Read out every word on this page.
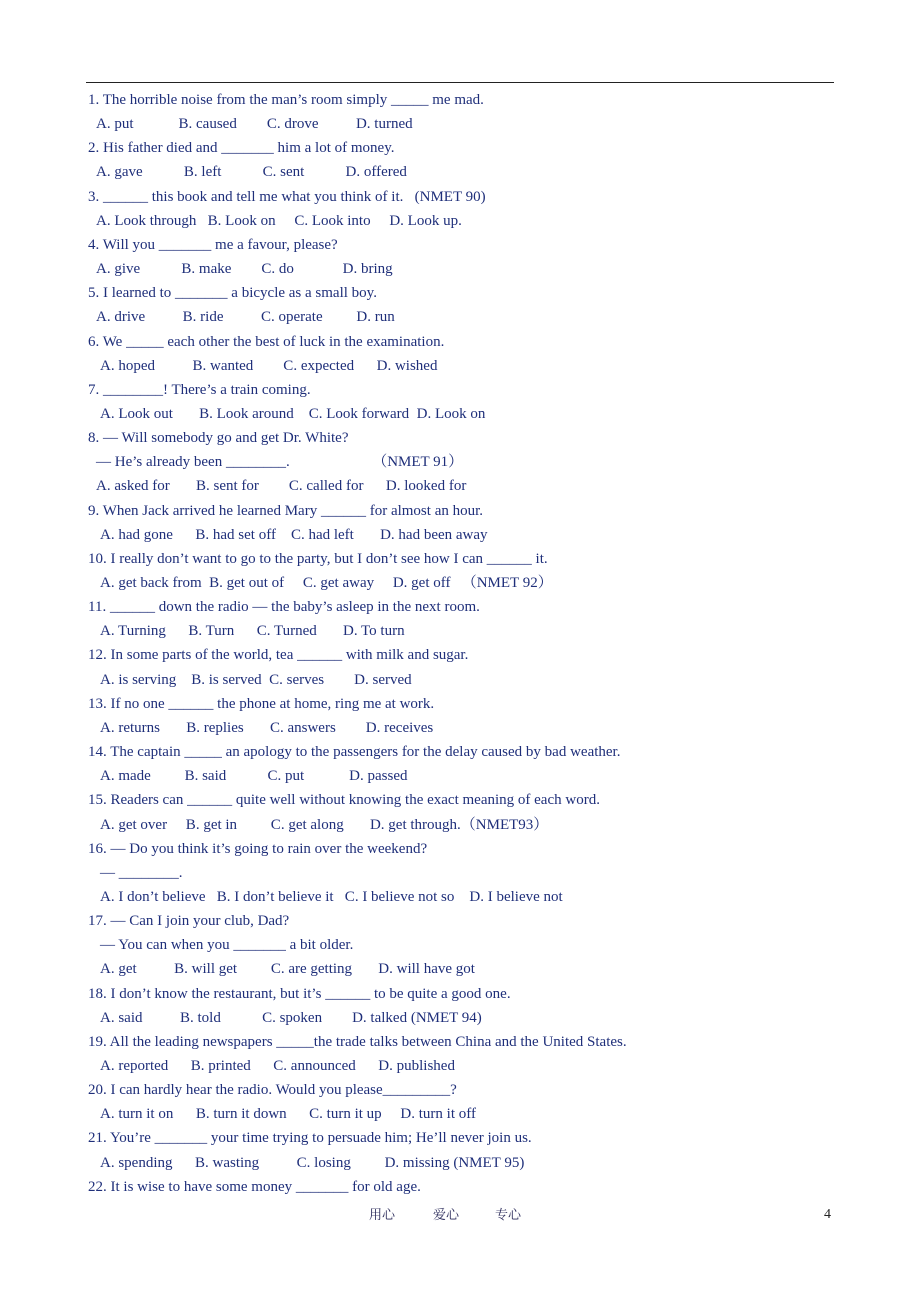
1. The horrible noise from the man’s room simply _____ me mad.
A. put            B. caused        C. drove          D. turned
2. His father died and _______ him a lot of money.
A. gave           B. left           C. sent           D. offered
3. ______ this book and tell me what you think of it.   (NMET 90)
A. Look through   B. Look on     C. Look into     D. Look up.
4. Will you _______ me a favour, please?
A. give           B. make        C. do             D. bring
5. I learned to _______ a bicycle as a small boy.
A. drive          B. ride          C. operate         D. run
6. We _____ each other the best of luck in the examination.
A. hoped          B. wanted        C. expected      D. wished
7. ________! There’s a train coming.
A. Look out       B. Look around    C. Look forward  D. Look on
8. — Will somebody go and get Dr. White?
— He’s already been ________.                      （NMET 91）
A. asked for       B. sent for        C. called for      D. looked for
9. When Jack arrived he learned Mary ______ for almost an hour.
A. had gone      B. had set off    C. had left       D. had been away
10. I really don’t want to go to the party, but I don’t see how I can ______ it.
A. get back from  B. get out of     C. get away     D. get off   （NMET 92）
11. ______ down the radio — the baby’s asleep in the next room.
A. Turning      B. Turn      C. Turned       D. To turn
12. In some parts of the world, tea ______ with milk and sugar.
A. is serving    B. is served  C. serves        D. served
13. If no one ______ the phone at home, ring me at work.
A. returns       B. replies       C. answers        D. receives
14. The captain _____ an apology to the passengers for the delay caused by bad weather.
A. made         B. said           C. put            D. passed
15. Readers can ______ quite well without knowing the exact meaning of each word.
A. get over     B. get in         C. get along       D. get through.（NMET93）
16. — Do you think it’s going to rain over the weekend?
— ________.
A. I don’t believe   B. I don’t believe it   C. I believe not so    D. I believe not
17. — Can I join your club, Dad?
— You can when you _______ a bit older.
A. get          B. will get         C. are getting       D. will have got
18. I don’t know the restaurant, but it’s ______ to be quite a good one.
A. said          B. told           C. spoken        D. talked (NMET 94)
19. All the leading newspapers _____the trade talks between China and the United States.
A. reported      B. printed      C. announced      D. published
20. I can hardly hear the radio. Would you please_________?
A. turn it on      B. turn it down      C. turn it up     D. turn it off
21. You’re _______ your time trying to persuade him; He’ll never join us.
A. spending      B. wasting          C. losing         D. missing (NMET 95)
22. It is wise to have some money _______ for old age.
用心	爱心	专心	4
